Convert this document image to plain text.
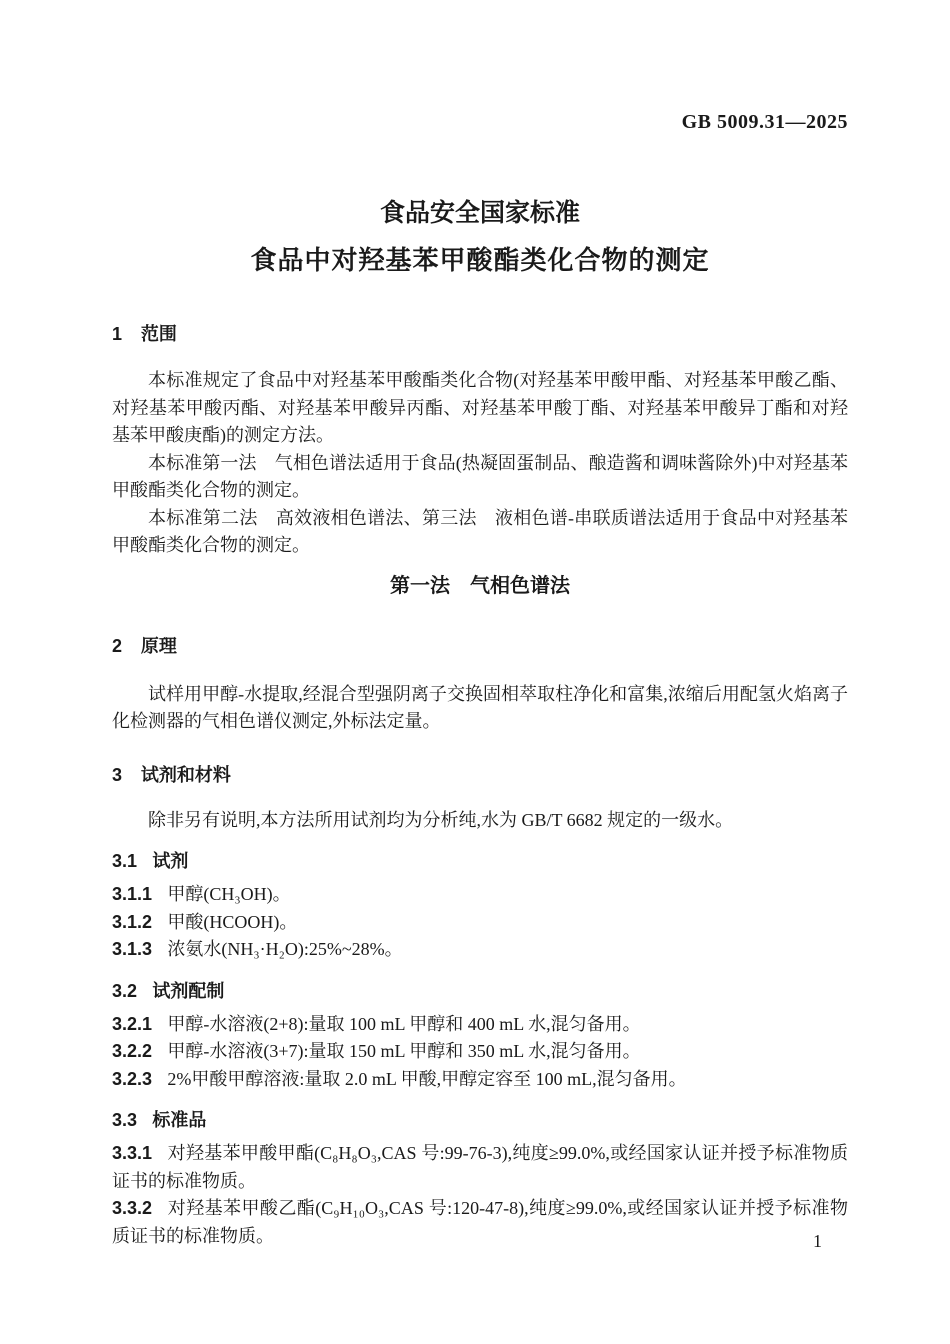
GB 5009.31—2025
食品安全国家标准
食品中对羟基苯甲酸酯类化合物的测定
1 范围

本标准规定了食品中对羟基苯甲酸酯类化合物(对羟基苯甲酸甲酯、对羟基苯甲酸乙酯、对羟基苯甲酸丙酯、对羟基苯甲酸异丙酯、对羟基苯甲酸丁酯、对羟基苯甲酸异丁酯和对羟基苯甲酸庚酯)的测定方法。

本标准第一法　气相色谱法适用于食品(热凝固蛋制品、酿造酱和调味酱除外)中对羟基苯甲酸酯类化合物的测定。

本标准第二法　高效液相色谱法、第三法　液相色谱-串联质谱法适用于食品中对羟基苯甲酸酯类化合物的测定。

第一法　气相色谱法
2 原理

试样用甲醇-水提取,经混合型强阴离子交换固相萃取柱净化和富集,浓缩后用配氢火焰离子化检测器的气相色谱仪测定,外标法定量。

3 试剂和材料

除非另有说明,本方法所用试剂均为分析纯,水为 GB/T 6682 规定的一级水。

3.1 试剂

3.1.1 甲醇(CH₃OH)。

3.1.2 甲酸(HCOOH)。

3.1.3 浓氨水(NH₃·H₂O):25%~28%。

3.2 试剂配制

3.2.1 甲醇-水溶液(2+8):量取 100 mL 甲醇和 400 mL 水,混匀备用。

3.2.2 甲醇-水溶液(3+7):量取 150 mL 甲醇和 350 mL 水,混匀备用。

3.2.3 2%甲酸甲醇溶液:量取 2.0 mL 甲酸,甲醇定容至 100 mL,混匀备用。

3.3 标准品

3.3.1 对羟基苯甲酸甲酯(C₈H₈O₃,CAS 号:99-76-3),纯度≥99.0%,或经国家认证并授予标准物质证书的标准物质。

3.3.2 对羟基苯甲酸乙酯(C₉H₁₀O₃,CAS 号:120-47-8),纯度≥99.0%,或经国家认证并授予标准物质证书的标准物质。	1
